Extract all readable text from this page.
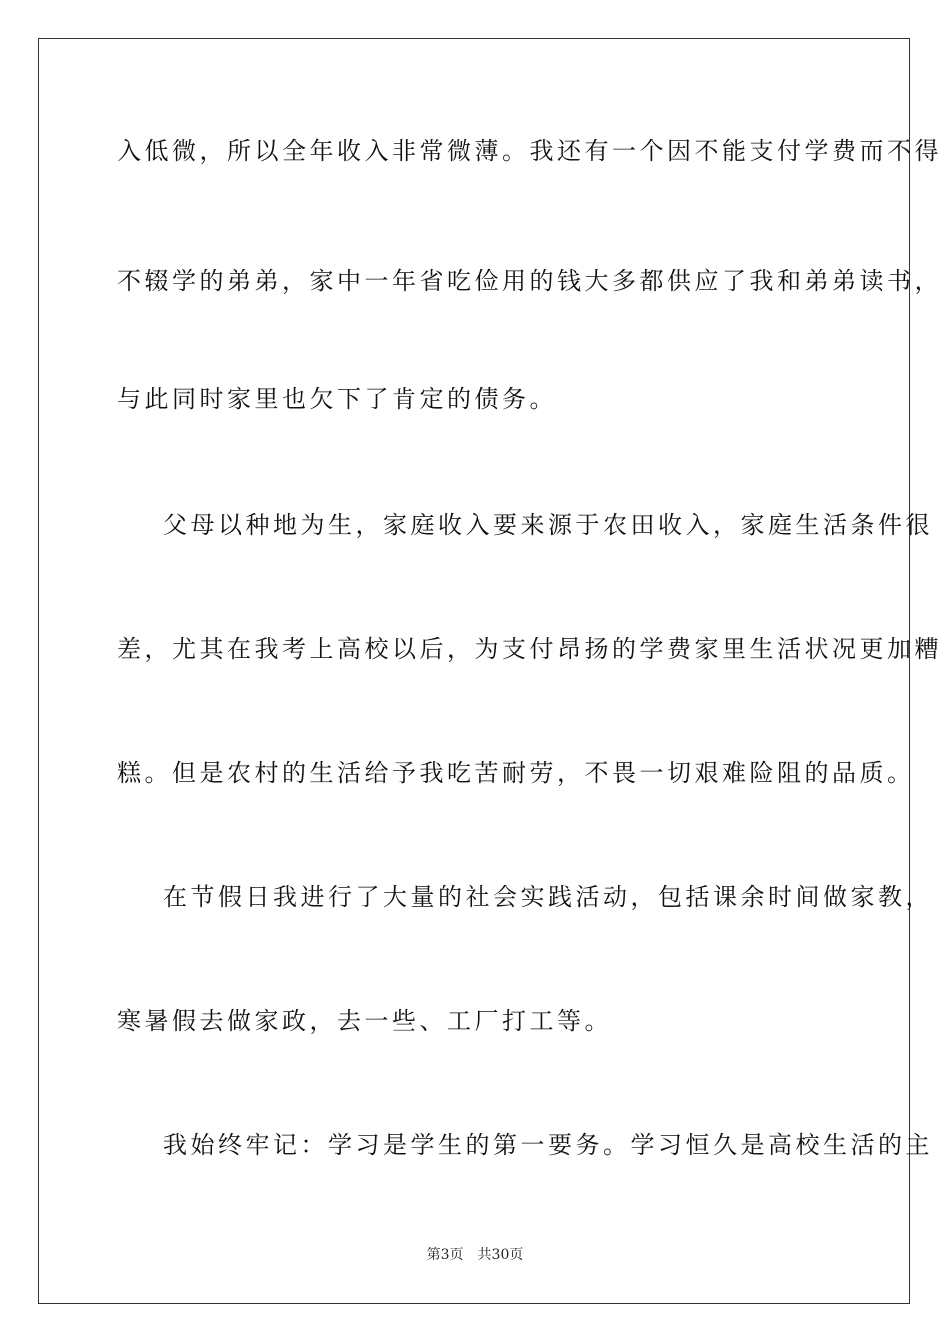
入低微，所以全年收入非常微薄。我还有一个因不能支付学费而不得
不辍学的弟弟，家中一年省吃俭用的钱大多都供应了我和弟弟读书，
与此同时家里也欠下了肯定的债务。
父母以种地为生，家庭收入要来源于农田收入，家庭生活条件很
差，尤其在我考上高校以后，为支付昂扬的学费家里生活状况更加糟
糕。但是农村的生活给予我吃苦耐劳，不畏一切艰难险阻的品质。
在节假日我进行了大量的社会实践活动，包括课余时间做家教，
寒暑假去做家政，去一些、工厂打工等。
我始终牢记：学习是学生的第一要务。学习恒久是高校生活的主
第3页 共30页
